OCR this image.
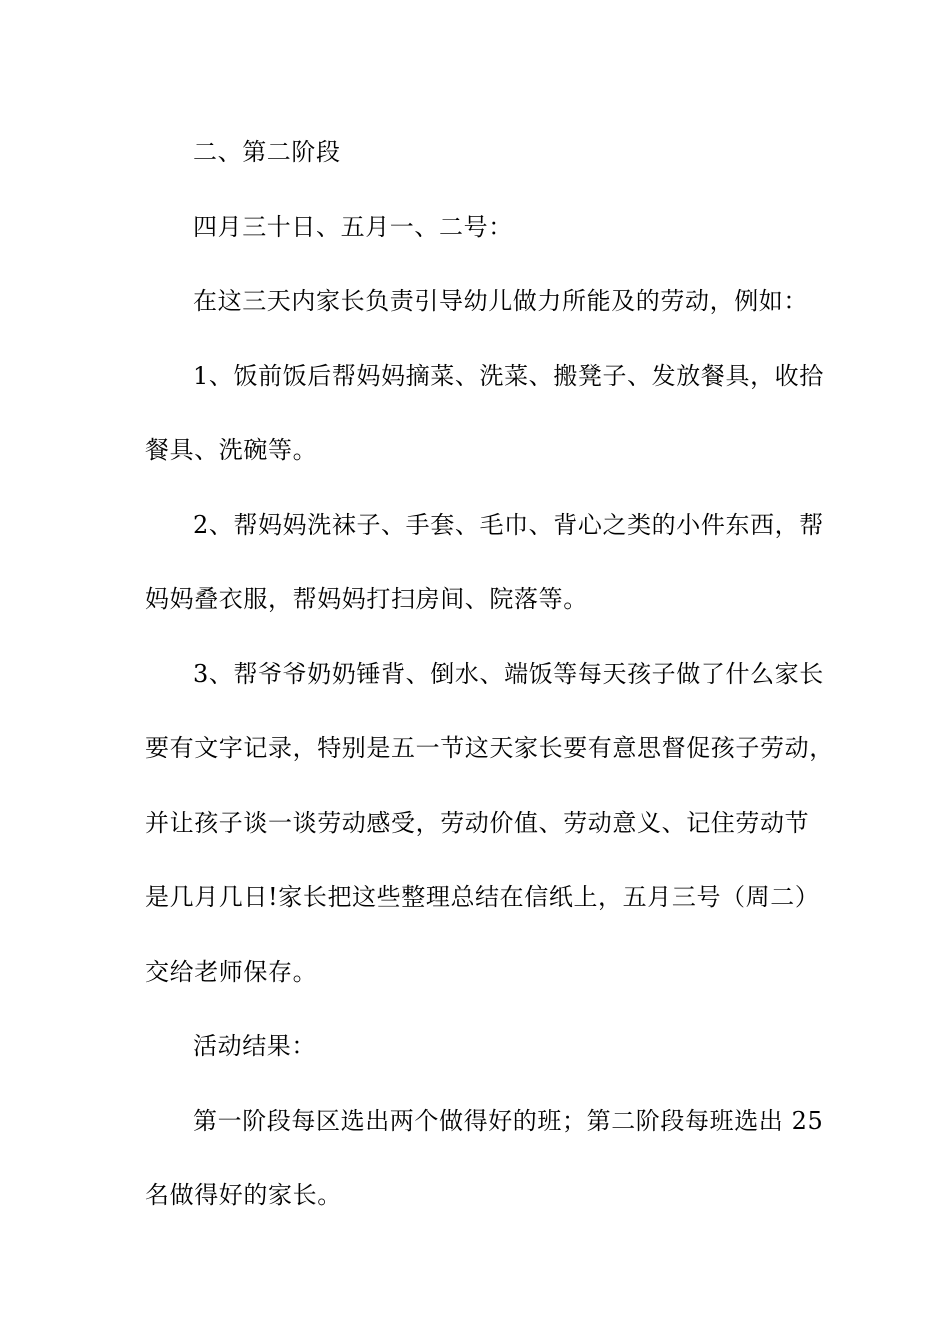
二、第二阶段
四月三十日、五月一、二号：
在这三天内家长负责引导幼儿做力所能及的劳动，例如：
1、饭前饭后帮妈妈摘菜、洗菜、搬凳子、发放餐具，收拾
餐具、洗碗等。
2、帮妈妈洗袜子、手套、毛巾、背心之类的小件东西，帮
妈妈叠衣服，帮妈妈打扫房间、院落等。
3、帮爷爷奶奶锤背、倒水、端饭等每天孩子做了什么家长
要有文字记录，特别是五一节这天家长要有意思督促孩子劳动，
并让孩子谈一谈劳动感受，劳动价值、劳动意义、记住劳动节
是几月几日!家长把这些整理总结在信纸上，五月三号（周二）
交给老师保存。
活动结果：
第一阶段每区选出两个做得好的班；第二阶段每班选出 25
名做得好的家长。
